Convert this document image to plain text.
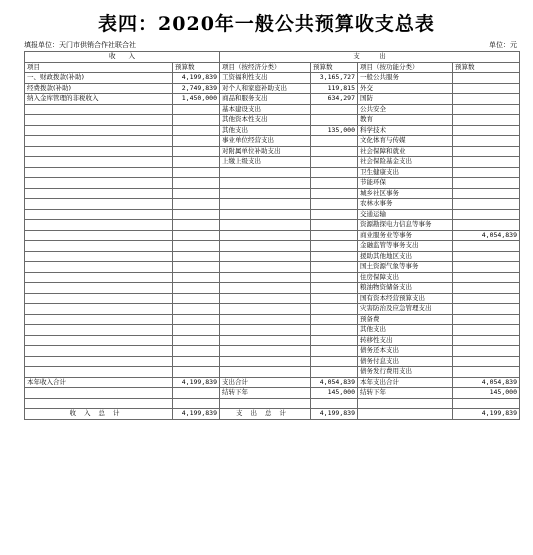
表四：2020年一般公共预算收支总表
填报单位：天门市供销合作社联合社	单位：元
收　　入		支　　　出			
项目	预算数	项目（按经济分类）	预算数	项目（按功能分类）	预算数
一、财政拨款(补助)	4,199,839	工资福利性支出	3,165,727	一般公共服务	
经费拨款(补助)	2,749,839	对个人和家庭补助支出	119,815	外交	
纳入金库管理的非税收入	1,450,000	商品和服务支出	634,297	国防	
		基本建设支出		公共安全	
		其他资本性支出		教育	
		其他支出	135,000	科学技术	
		事业单位经营支出		文化体育与传媒	
		对附属单位补助支出		社会保障和就业	
		上缴上级支出		社会保险基金支出	
				卫生健康支出	
				节能环保	
				城乡社区事务	
				农林水事务	
				交通运输	
				资源勘探电力信息等事务	
				商业服务业等事务	4,054,839
				金融监管等事务支出	
				援助其他地区支出	
				国土资源气象等事务	
				住房保障支出	
				粮油物资储备支出	
				国有资本经营预算支出	
				灾害防治及应急管理支出	
				预备费	
				其他支出	
				转移性支出	
				债务还本支出	
				债务付息支出	
				债务发行费用支出	
本年收入合计	4,199,839	支出合计	4,054,839	本年支出合计	4,054,839
		结转下年	145,000	结转下年	145,000

收入总计	4,199,839	支出总计	4,199,839		4,199,839
